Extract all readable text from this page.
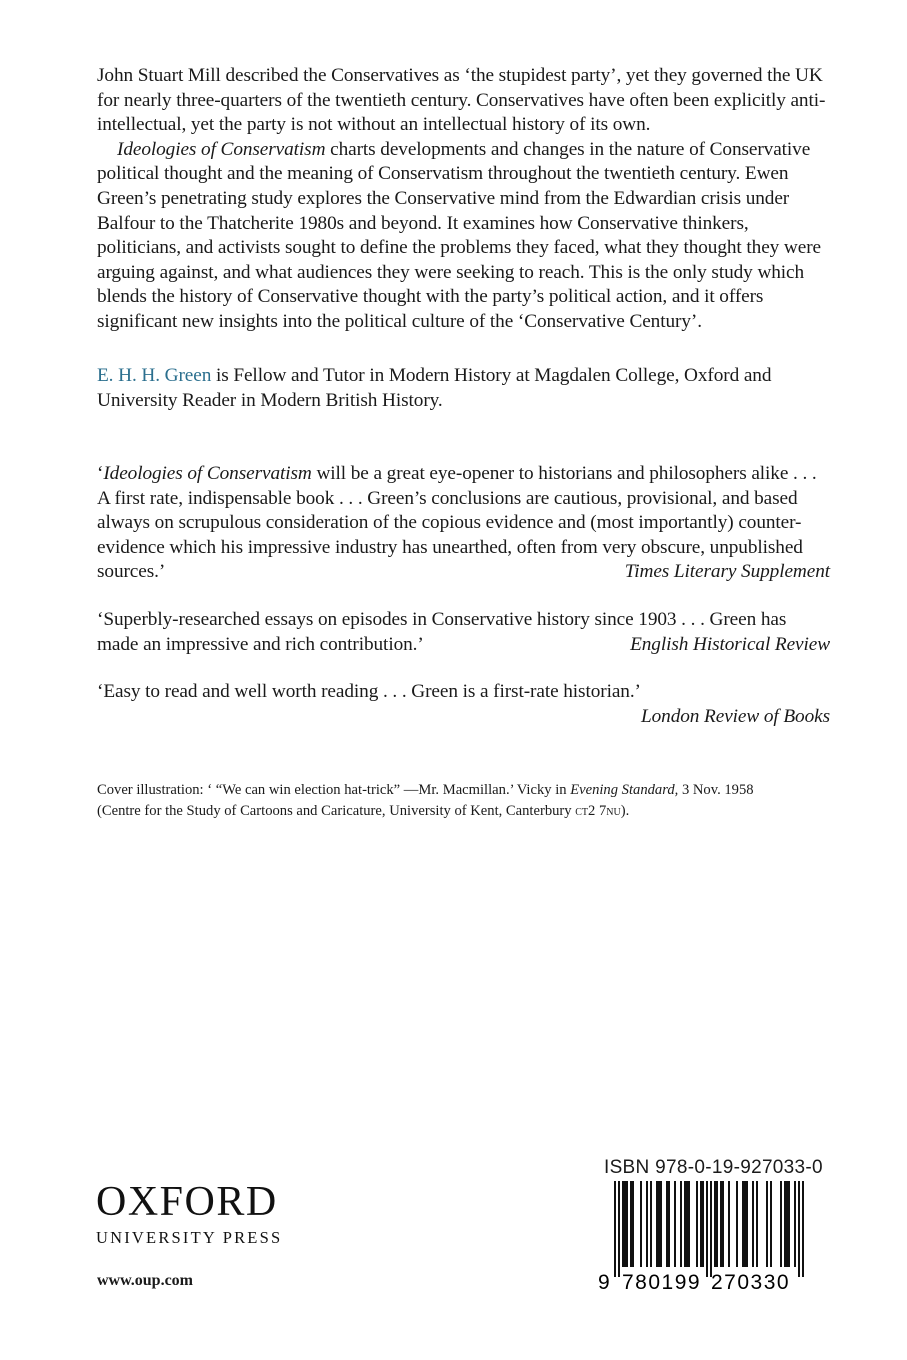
John Stuart Mill described the Conservatives as ‘the stupidest party’, yet they governed the UK for nearly three-quarters of the twentieth century. Conservatives have often been explicitly anti-intellectual, yet the party is not without an intellectual history of its own.

Ideologies of Conservatism charts developments and changes in the nature of Conservative political thought and the meaning of Conservatism throughout the twentieth century. Ewen Green’s penetrating study explores the Conservative mind from the Edwardian crisis under Balfour to the Thatcherite 1980s and beyond. It examines how Conservative thinkers, politicians, and activists sought to define the problems they faced, what they thought they were arguing against, and what audiences they were seeking to reach. This is the only study which blends the history of Conservative thought with the party’s political action, and it offers significant new insights into the political culture of the ‘Conservative Century’.

E. H. H. Green is Fellow and Tutor in Modern History at Magdalen College, Oxford and University Reader in Modern British History.

‘Ideologies of Conservatism will be a great eye-opener to historians and philosophers alike . . . A first rate, indispensable book . . . Green’s conclusions are cautious, provisional, and based always on scrupulous consideration of the copious evidence and (most importantly) counter-evidence which his impressive industry has unearthed, often from very obscure, unpublished sources.’	Times Literary Supplement

‘Superbly-researched essays on episodes in Conservative history since 1903 . . . Green has made an impressive and rich contribution.’	English Historical Review

‘Easy to read and well worth reading . . . Green is a first-rate historian.’

London Review of Books

Cover illustration: ‘ “We can win election hat-trick” —Mr. Macmillan.’ Vicky in Evening Standard, 3 Nov. 1958

(Centre for the Study of Cartoons and Caricature, University of Kent, Canterbury ct2 7nu).

OXFORD
UNIVERSITY PRESS
www.oup.com
ISBN 978-0-19-927033-0
9 780199 270330
